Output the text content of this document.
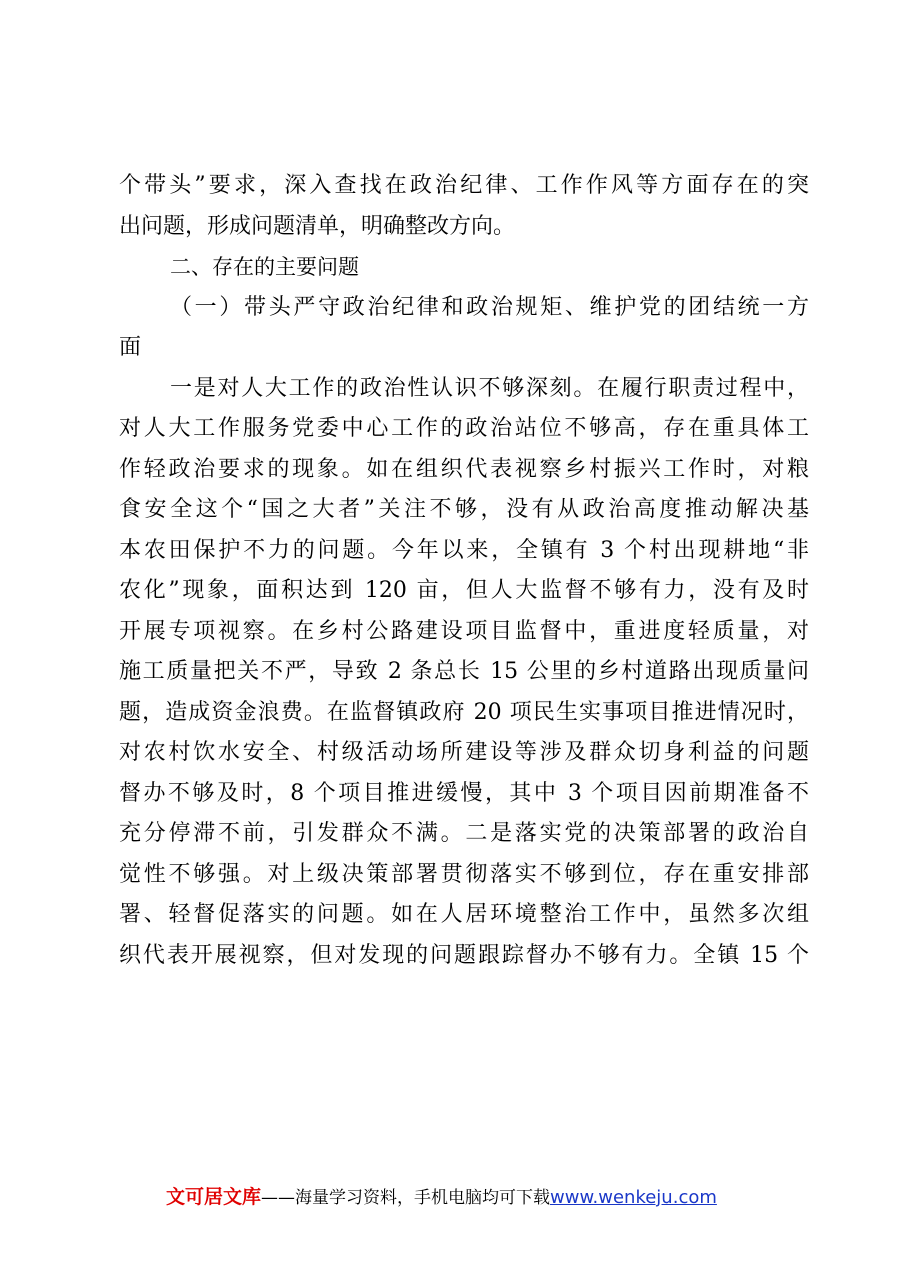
个带头”要求，深入查找在政治纪律、工作作风等方面存在的突
出问题，形成问题清单，明确整改方向。
二、存在的主要问题
（一）带头严守政治纪律和政治规矩、维护党的团结统一方
面
一是对人大工作的政治性认识不够深刻。在履行职责过程中，
对人大工作服务党委中心工作的政治站位不够高，存在重具体工
作轻政治要求的现象。如在组织代表视察乡村振兴工作时，对粮
食安全这个“国之大者”关注不够，没有从政治高度推动解决基
本农田保护不力的问题。今年以来，全镇有 3 个村出现耕地“非
农化”现象，面积达到 120 亩，但人大监督不够有力，没有及时
开展专项视察。在乡村公路建设项目监督中，重进度轻质量，对
施工质量把关不严，导致 2 条总长 15 公里的乡村道路出现质量问
题，造成资金浪费。在监督镇政府 20 项民生实事项目推进情况时，
对农村饮水安全、村级活动场所建设等涉及群众切身利益的问题
督办不够及时，8 个项目推进缓慢，其中 3 个项目因前期准备不
充分停滞不前，引发群众不满。二是落实党的决策部署的政治自
觉性不够强。对上级决策部署贯彻落实不够到位，存在重安排部
署、轻督促落实的问题。如在人居环境整治工作中，虽然多次组
织代表开展视察，但对发现的问题跟踪督办不够有力。全镇 15 个
文可居文库——海量学习资料，手机电脑均可下载www.wenkeju.com
